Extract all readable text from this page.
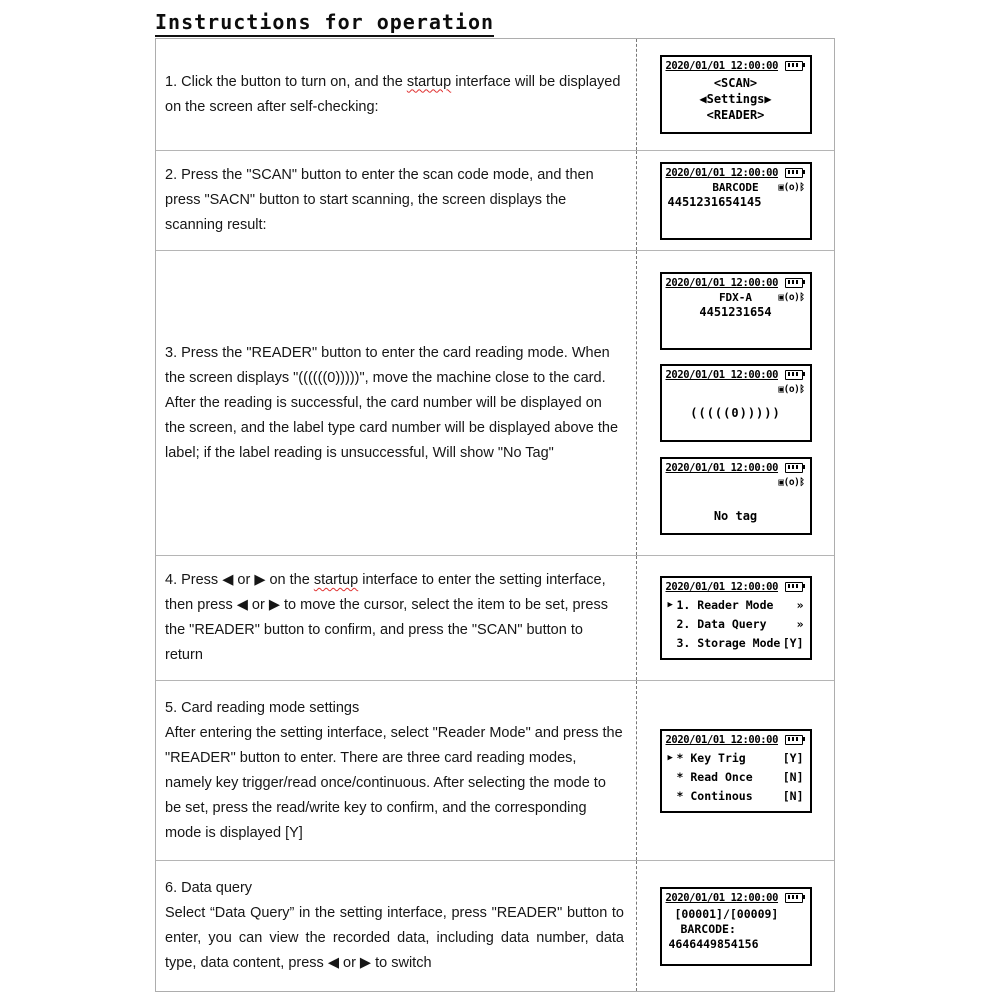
Instructions for operation

1. Click the button to turn on, and the startup interface will be displayed on the screen after self-checking:

2020/01/01 12:00:00
<SCAN>
◀Settings▶
<READER>

2. Press the "SCAN" button to enter the scan code mode, and then press "SACN" button to start scanning, the screen displays the scanning result:

2020/01/01 12:00:00
BARCODE ▣(o)ᛒ
4451231654145

3. Press the "READER" button to enter the card reading mode. When the screen displays "((((((0)))))", move the machine close to the card. After the reading is successful, the card number will be displayed on the screen, and the label type card number will be displayed above the label; if the label reading is unsuccessful, Will show "No Tag"

2020/01/01 12:00:00
FDX-A	▣(o)ᛒ
4451231654
2020/01/01 12:00:00
▣(o)ᛒ
(((((0)))))
2020/01/01 12:00:00
▣(o)ᛒ
No tag

4. Press ◀ or ▶ on the startup interface to enter the setting interface, then press ◀ or ▶ to move the cursor, select the item to be set, press the "READER" button to confirm, and press the "SCAN" button to return

2020/01/01 12:00:00
▶ 1. Reader Mode	»
2. Data Query	»
3. Storage Mode [Y]

5. Card reading mode settings
After entering the setting interface, select "Reader Mode" and press the "READER" button to enter. There are three card reading modes, namely key trigger/read once/continuous. After selecting the mode to be set, press the read/write key to confirm, and the corresponding mode is displayed [Y]

2020/01/01 12:00:00
▶ * Key Trig	[Y]
* Read Once	[N]
* Continous	[N]

6. Data query
Select “Data Query” in the setting interface, press "READER" button to enter, you can view the recorded data, including data number, data type, data content, press ◀ or ▶ to switch

2020/01/01 12:00:00
[00001]/[00009]
BARCODE:
4646449854156
